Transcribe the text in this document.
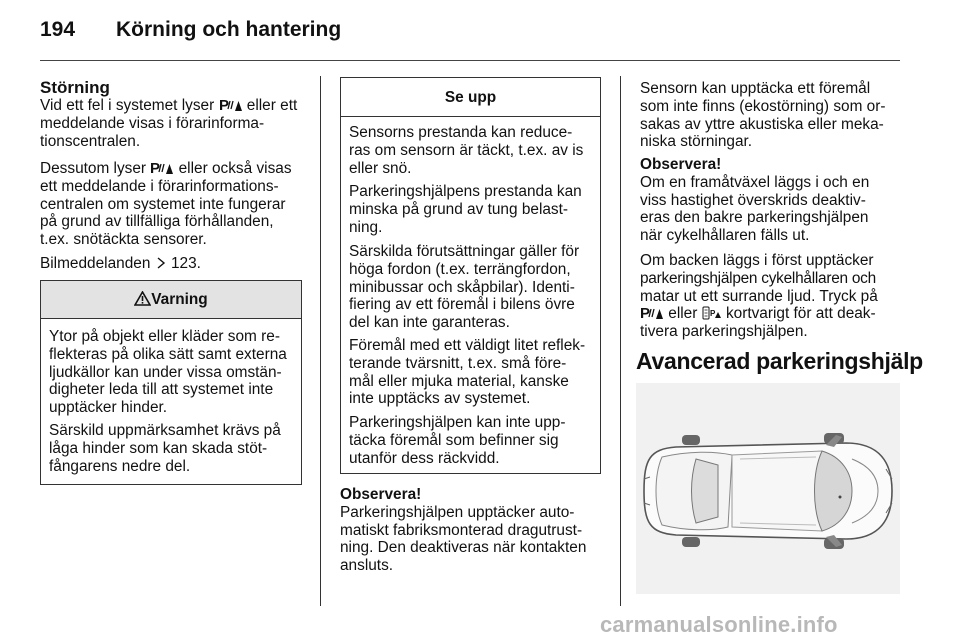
194 Körning och hantering
Störning
Vid ett fel i systemet lyser P eller ett
meddelande visas i förarinforma-
tionscentralen.
Dessutom lyser P eller också visas
ett meddelande i förarinformations-
centralen om systemet inte fungerar
på grund av tillfälliga förhållanden,
t.ex. snötäckta sensorer.
Bilmeddelanden 123.
Varning
Ytor på objekt eller kläder som re-
flekteras på olika sätt samt externa
ljudkällor kan under vissa omstän-
digheter leda till att systemet inte
upptäcker hinder.
Särskild uppmärksamhet krävs på
låga hinder som kan skada stöt-
fångarens nedre del.
Se upp
Sensorns prestanda kan reduce-
ras om sensorn är täckt, t.ex. av is
eller snö.
Parkeringshjälpens prestanda kan
minska på grund av tung belast-
ning.
Särskilda förutsättningar gäller för
höga fordon (t.ex. terrängfordon,
minibussar och skåpbilar). Identi-
fiering av ett föremål i bilens övre
del kan inte garanteras.
Föremål med ett väldigt litet reflek-
terande tvärsnitt, t.ex. små före-
mål eller mjuka material, kanske
inte upptäcks av systemet.
Parkeringshjälpen kan inte upp-
täcka föremål som befinner sig
utanför dess räckvidd.
Observera!
Parkeringshjälpen upptäcker auto-
matiskt fabriksmonterad dragutrust-
ning. Den deaktiveras när kontakten
ansluts.
Sensorn kan upptäcka ett föremål
som inte finns (ekostörning) som or-
sakas av yttre akustiska eller meka-
niska störningar.
Observera!
Om en framåtväxel läggs i och en
viss hastighet överskrids deaktiv-
eras den bakre parkeringshjälpen
när cykelhållaren fälls ut.
Om backen läggs i först upptäcker
parkeringshjälpen cykelhållaren och
matar ut ett surrande ljud. Tryck på
P eller P kortvarigt för att deak-
tivera parkeringshjälpen.
Avancerad parkeringshjälp
carmanualsonline.info
